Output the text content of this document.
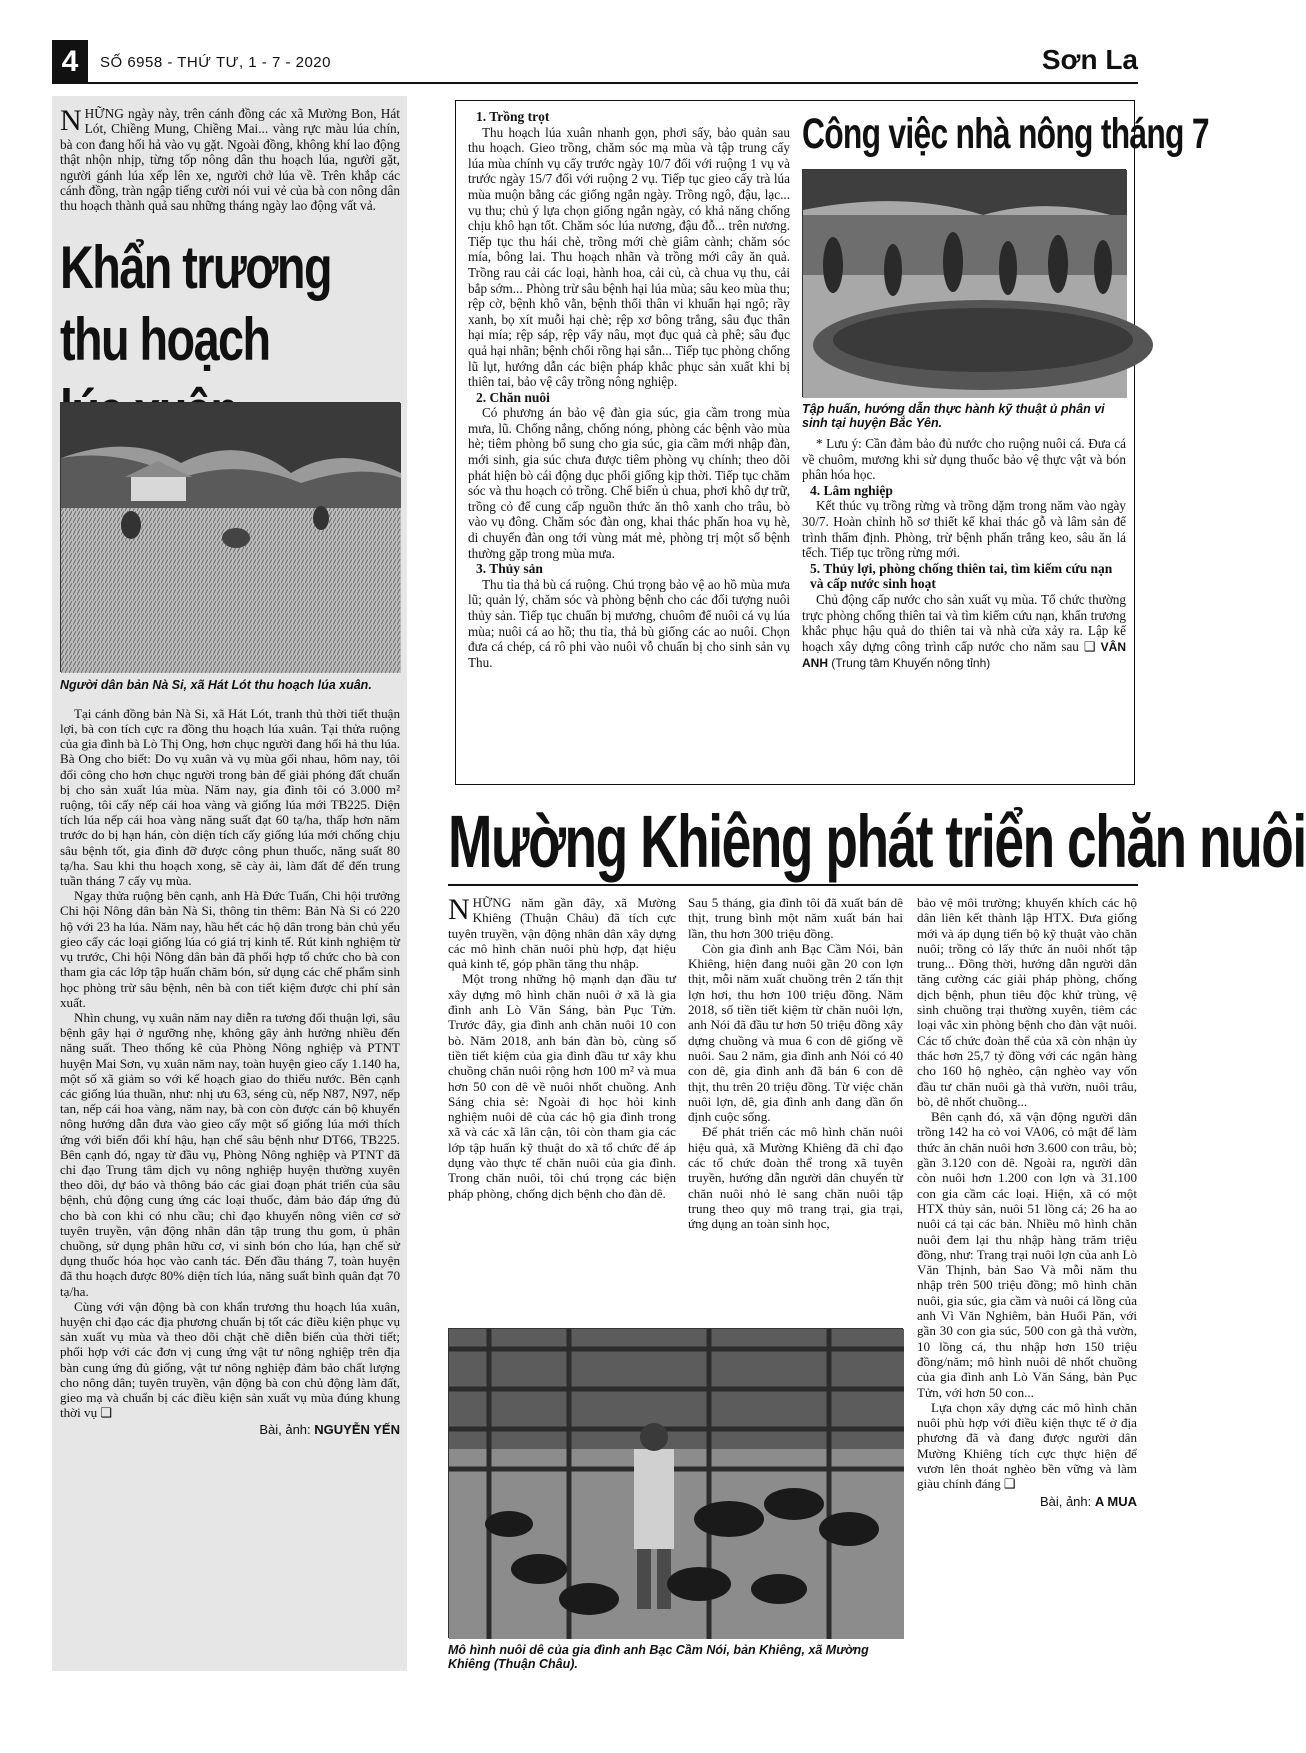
4	SỐ 6958 - THỨ TƯ, 1 - 7 - 2020	Sơn La
NHỮNG ngày này, trên cánh đồng các xã Mường Bon, Hát Lót, Chiềng Mung, Chiềng Mai... vàng rực màu lúa chín, bà con đang hối hả vào vụ gặt. Ngoài đồng, không khí lao động thật nhộn nhịp, từng tốp nông dân thu hoạch lúa, người gặt, người gánh lúa xếp lên xe, người chở lúa về. Trên khắp các cánh đồng, tràn ngập tiếng cười nói vui vẻ của bà con nông dân thu hoạch thành quả sau những tháng ngày lao động vất vả.
Khẩn trương thu hoạch
Người dân bản Nà Si, xã Hát Lót thu hoạch lúa xuân.

Tại cánh đồng bản Nà Si, xã Hát Lót, tranh thủ thời tiết thuận lợi, bà con tích cực ra đồng thu hoạch lúa xuân. Tại thửa ruộng của gia đình bà Lò Thị Ong, hơn chục người đang hối hả thu lúa. Bà Ong cho biết: Do vụ xuân và vụ mùa gối nhau, hôm nay, tôi đổi công cho hơn chục người trong bản để giải phóng đất chuẩn bị cho sản xuất lúa mùa. Năm nay, gia đình tôi có 3.000 m² ruộng, tôi cấy nếp cái hoa vàng và giống lúa mới TB225. Diện tích lúa nếp cái hoa vàng năng suất đạt 60 tạ/ha, thấp hơn năm trước do bị hạn hán, còn diện tích cấy giống lúa mới chống chịu sâu bệnh tốt, gia đình đỡ được công phun thuốc, năng suất 80 tạ/ha. Sau khi thu hoạch xong, sẽ cày ải, làm đất để đến trung tuần tháng 7 cấy vụ mùa.

Ngay thửa ruộng bên cạnh, anh Hà Đức Tuấn, Chi hội trưởng Chi hội Nông dân bản Nà Si, thông tin thêm: Bản Nà Si có 220 hộ với 23 ha lúa. Năm nay, hầu hết các hộ dân trong bản chủ yếu gieo cấy các loại giống lúa có giá trị kinh tế. Rút kinh nghiệm từ vụ trước, Chi hội Nông dân bản đã phối hợp tổ chức cho bà con tham gia các lớp tập huấn chăm bón, sử dụng các chế phẩm sinh học phòng trừ sâu bệnh, nên bà con tiết kiệm được chi phí sản xuất.

Nhìn chung, vụ xuân năm nay diễn ra tương đối thuận lợi, sâu bệnh gây hại ở ngưỡng nhẹ, không gây ảnh hưởng nhiều đến năng suất. Theo thống kê của Phòng Nông nghiệp và PTNT huyện Mai Sơn, vụ xuân năm nay, toàn huyện gieo cấy 1.140 ha, một số xã giảm so với kế hoạch giao do thiếu nước. Bên cạnh các giống lúa thuần, như: nhị ưu 63, séng cù, nếp N87, N97, nếp tan, nếp cái hoa vàng, năm nay, bà con còn được cán bộ khuyến nông hướng dẫn đưa vào gieo cấy một số giống lúa mới thích ứng với biến đổi khí hậu, hạn chế sâu bệnh như DT66, TB225. Bên cạnh đó, ngay từ đầu vụ, Phòng Nông nghiệp và PTNT đã chỉ đạo Trung tâm dịch vụ nông nghiệp huyện thường xuyên theo dõi, dự báo và thông báo các giai đoạn phát triển của sâu bệnh, chủ động cung ứng các loại thuốc, đảm bảo đáp ứng đủ cho bà con khi có nhu cầu; chỉ đạo khuyến nông viên cơ sở tuyên truyền, vận động nhân dân tập trung thu gom, ủ phân chuồng, sử dụng phân hữu cơ, vi sinh bón cho lúa, hạn chế sử dụng thuốc hóa học vào canh tác. Đến đầu tháng 7, toàn huyện đã thu hoạch được 80% diện tích lúa, năng suất bình quân đạt 70 tạ/ha.

Cùng với vận động bà con khẩn trương thu hoạch lúa xuân, huyện chỉ đạo các địa phương chuẩn bị tốt các điều kiện phục vụ sản xuất vụ mùa và theo dõi chặt chẽ diễn biến của thời tiết; phối hợp với các đơn vị cung ứng vật tư nông nghiệp trên địa bàn cung ứng đủ giống, vật tư nông nghiệp đảm bảo chất lượng cho nông dân; tuyên truyền, vận động bà con chủ động làm đất, gieo mạ và chuẩn bị các điều kiện sản xuất vụ mùa đúng khung thời vụ ❑

Bài, ảnh: NGUYỄN YẾN
1. Trồng trọt
Thu hoạch lúa xuân nhanh gọn, phơi sấy, bảo quản sau thu hoạch. Gieo trồng, chăm sóc mạ mùa và tập trung cấy lúa mùa chính vụ cấy trước ngày 10/7 đối với ruộng 1 vụ và trước ngày 15/7 đối với ruộng 2 vụ. Tiếp tục gieo cấy trà lúa mùa muộn bằng các giống ngắn ngày. Trồng ngô, đậu, lạc... vụ thu; chủ ý lựa chọn giống ngắn ngày, có khả năng chống chịu khô hạn tốt. Chăm sóc lúa nương, đậu đỗ... trên nương. Tiếp tục thu hái chè, trồng mới chè giâm cành; chăm sóc mía, bông lai. Thu hoạch nhãn và trồng mới cây ăn quả. Trồng rau cải các loại, hành hoa, cải củ, cà chua vụ thu, cải bắp sớm... Phòng trừ sâu bệnh hại lúa mùa; sâu keo mùa thu; rệp cờ, bệnh khô vằn, bệnh thối thân vi khuẩn hại ngô; rầy xanh, bọ xít muỗi hại chè; rệp xơ bông trắng, sâu đục thân hại mía; rệp sáp, rệp vẩy nâu, mọt đục quả cà phê; sâu đục quả hại nhãn; bệnh chổi rồng hại sắn... Tiếp tục phòng chống lũ lụt, hướng dẫn các biện pháp khắc phục sản xuất khi bị thiên tai, bảo vệ cây trồng nông nghiệp.
2. Chăn nuôi
Có phương án bảo vệ đàn gia súc, gia cầm trong mùa mưa, lũ. Chống nắng, chống nóng, phòng các bệnh vào mùa hè; tiêm phòng bổ sung cho gia súc, gia cầm mới nhập đàn, mới sinh, gia súc chưa được tiêm phòng vụ chính; theo dõi phát hiện bò cái động dục phối giống kịp thời. Tiếp tục chăm sóc và thu hoạch cỏ trồng. Chế biến ủ chua, phơi khô dự trữ, trồng cỏ để cung cấp nguồn thức ăn thô xanh cho trâu, bò vào vụ đông. Chăm sóc đàn ong, khai thác phấn hoa vụ hè, di chuyển đàn ong tới vùng mát mẻ, phòng trị một số bệnh thường gặp trong mùa mưa.
3. Thủy sản
Thu tỉa thả bù cá ruộng. Chú trọng bảo vệ ao hồ mùa mưa lũ; quản lý, chăm sóc và phòng bệnh cho các đối tượng nuôi thủy sản. Tiếp tục chuẩn bị mương, chuôm để nuôi cá vụ lúa mùa; nuôi cá ao hồ; thu tỉa, thả bù giống các ao nuôi. Chọn đưa cá chép, cá rô phi vào nuôi vỗ chuẩn bị cho sinh sản vụ Thu.
Công việc nhà nông tháng 7
Tập huấn, hướng dẫn thực hành kỹ thuật ủ phân vi sinh tại huyện Bắc Yên.
* Lưu ý: Cần đảm bảo đủ nước cho ruộng nuôi cá. Đưa cá về chuôm, mương khi sử dụng thuốc bảo vệ thực vật và bón phân hóa học.
4. Lâm nghiệp
Kết thúc vụ trồng rừng và trồng dặm trong năm vào ngày 30/7. Hoàn chỉnh hồ sơ thiết kế khai thác gỗ và lâm sản để trình thẩm định. Phòng, trừ bệnh phấn trắng keo, sâu ăn lá tếch. Tiếp tục trồng rừng mới.
5. Thủy lợi, phòng chống thiên tai, tìm kiếm cứu nạn và cấp nước sinh hoạt
Chủ động cấp nước cho sản xuất vụ mùa. Tổ chức thường trực phòng chống thiên tai và tìm kiếm cứu nạn, khẩn trương khắc phục hậu quả do thiên tai và nhà cửa xảy ra. Lập kế hoạch xây dựng công trình cấp nước cho năm sau ❑ VÂN ANH (Trung tâm Khuyến nông tỉnh)
Mường Khiêng phát triển chăn nuôi

NHỮNG năm gần đây, xã Mường Khiêng (Thuận Châu) đã tích cực tuyên truyền, vận động nhân dân xây dựng các mô hình chăn nuôi phù hợp, đạt hiệu quả kinh tế, góp phần tăng thu nhập.

Một trong những hộ mạnh dạn đầu tư xây dựng mô hình chăn nuôi ở xã là gia đình anh Lò Văn Sáng, bản Pục Tửn. Trước đây, gia đình anh chăn nuôi 10 con bò. Năm 2018, anh bán đàn bò, cùng số tiền tiết kiệm của gia đình đầu tư xây khu chuồng chăn nuôi rộng hơn 100 m² và mua hơn 50 con dê về nuôi nhốt chuồng. Anh Sáng chia sẻ: Ngoài đi học hỏi kinh nghiệm nuôi dê của các hộ gia đình trong xã và các xã lân cận, tôi còn tham gia các lớp tập huấn kỹ thuật do xã tổ chức để áp dụng vào thực tế chăn nuôi của gia đình. Trong chăn nuôi, tôi chú trọng các biện pháp phòng, chống dịch bệnh cho đàn dê.

Sau 5 tháng, gia đình tôi đã xuất bán dê thịt, trung bình một năm xuất bán hai lần, thu hơn 300 triệu đồng.

Còn gia đình anh Bạc Cầm Nói, bản Khiêng, hiện đang nuôi gần 20 con lợn thịt, mỗi năm xuất chuồng trên 2 tấn thịt lợn hơi, thu hơn 100 triệu đồng. Năm 2018, số tiền tiết kiệm từ chăn nuôi lợn, anh Nói đã đầu tư hơn 50 triệu đồng xây dựng chuồng và mua 6 con dê giống về nuôi. Sau 2 năm, gia đình anh Nói có 40 con dê, gia đình anh đã bán 6 con dê thịt, thu trên 20 triệu đồng. Từ việc chăn nuôi lợn, dê, gia đình anh đang dần ổn định cuộc sống.

Để phát triển các mô hình chăn nuôi hiệu quả, xã Mường Khiêng đã chỉ đạo các tổ chức đoàn thể trong xã tuyên truyền, hướng dẫn người dân chuyển từ chăn nuôi nhỏ lẻ sang chăn nuôi tập trung theo quy mô trang trại, gia trại, ứng dụng an toàn sinh học,

bảo vệ môi trường; khuyến khích các hộ dân liên kết thành lập HTX. Đưa giống mới và áp dụng tiến bộ kỹ thuật vào chăn nuôi; trồng cỏ lấy thức ăn nuôi nhốt tập trung... Đồng thời, hướng dẫn người dân tăng cường các giải pháp phòng, chống dịch bệnh, phun tiêu độc khử trùng, vệ sinh chuồng trại thường xuyên, tiêm các loại vắc xin phòng bệnh cho đàn vật nuôi. Các tổ chức đoàn thể của xã còn nhận ủy thác hơn 25,7 tỷ đồng với các ngân hàng cho 160 hộ nghèo, cận nghèo vay vốn đầu tư chăn nuôi gà thả vườn, nuôi trâu, bò, dê nhốt chuồng...

Bên cạnh đó, xã vận động người dân trồng 142 ha cỏ voi VA06, cỏ mật để làm thức ăn chăn nuôi hơn 3.600 con trâu, bò; gần 3.120 con dê. Ngoài ra, người dân còn nuôi hơn 1.200 con lợn và 31.100 con gia cầm các loại. Hiện, xã có một HTX thủy sản, nuôi 51 lồng cá; 26 ha ao nuôi cá tại các bản. Nhiều mô hình chăn nuôi đem lại thu nhập hàng trăm triệu đồng, như: Trang trại nuôi lợn của anh Lò Văn Thịnh, bản Sao Và mỗi năm thu nhập trên 500 triệu đồng; mô hình chăn nuôi, gia súc, gia cầm và nuôi cá lồng của anh Vì Văn Nghiêm, bản Huổi Păn, với gần 30 con gia súc, 500 con gà thả vườn, 10 lồng cá, thu nhập hơn 150 triệu đồng/năm; mô hình nuôi dê nhốt chuồng của gia đình anh Lò Văn Sáng, bản Pục Tửn, với hơn 50 con...

Lựa chọn xây dựng các mô hình chăn nuôi phù hợp với điều kiện thực tế ở địa phương đã và đang được người dân Mường Khiêng tích cực thực hiện để vươn lên thoát nghèo bền vững và làm giàu chính đáng ❑

Bài, ảnh: A MUA
Mô hình nuôi dê của gia đình anh Bạc Cầm Nói, bản Khiêng, xã Mường Khiêng (Thuận Châu).
